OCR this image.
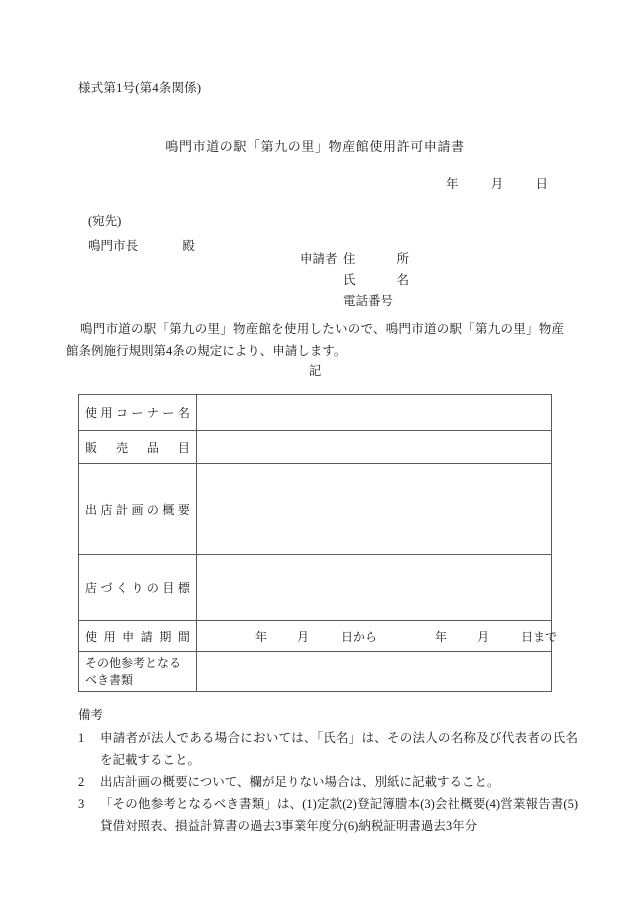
様式第1号(第4条関係)
鳴門市道の駅「第九の里」物産館使用許可申請書
年	月	日
(宛先)
鳴門市長	殿
申請者 住　所
氏　名
電話番号
鳴門市道の駅「第九の里」物産館を使用したいので、鳴門市道の駅「第九の里」物産館条例施行規則第4条の規定により、申請します。
記
使用コーナー名	

販売品目	

出店計画の概要	

店づくりの目標	

使用申請期間	年 月 日から 年 月 日まで

その他参考となる
べき書類	

備考
1	申請者が法人である場合においては、「氏名」は、その法人の名称及び代表者の氏名を記載すること。
2	出店計画の概要について、欄が足りない場合は、別紙に記載すること。
3	「その他参考となるべき書類」は、(1)定款(2)登記簿謄本(3)会社概要(4)営業報告書(5)貸借対照表、損益計算書の過去3事業年度分(6)納税証明書過去3年分
